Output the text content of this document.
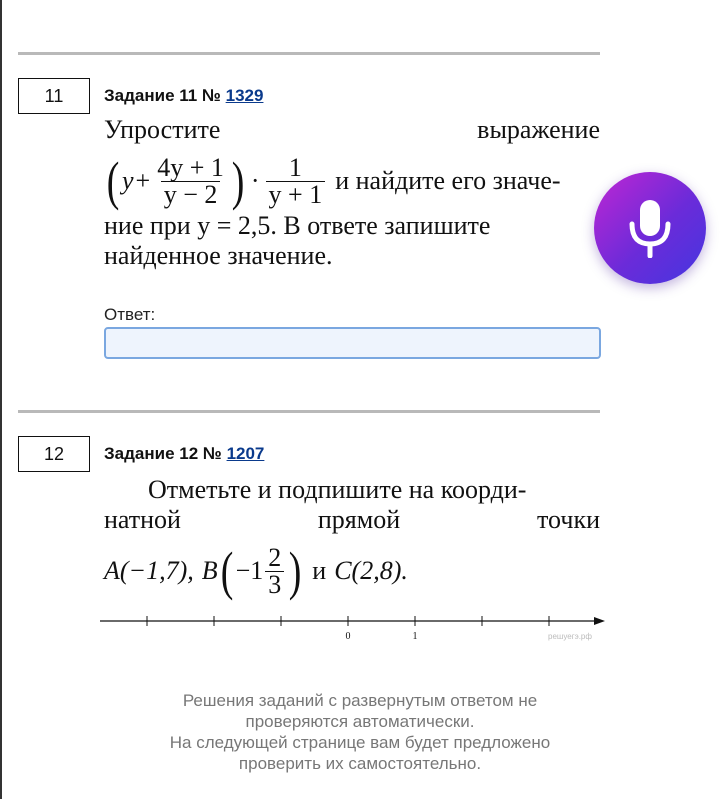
11	Задание 11 № 1329
Упростите	выражение
( $y + \frac{4y + 1}{y - 2}$ ) · $\frac{1}{y + 1}$ и найдите его значе-
ние при y = 2,5. В ответе запишите
найденное значение.
Ответ:
12	Задание 12 № 1207
Отметьте и подпишите на коорди-
натной	прямой	точки
A(−1,7), B ( $-1 \frac{2}{3}$ ) и C(2,8).
0	1	решуегэ.рф
Решения заданий с развернутым ответом не
проверяются автоматически.
На следующей странице вам будет предложено
проверить их самостоятельно.
